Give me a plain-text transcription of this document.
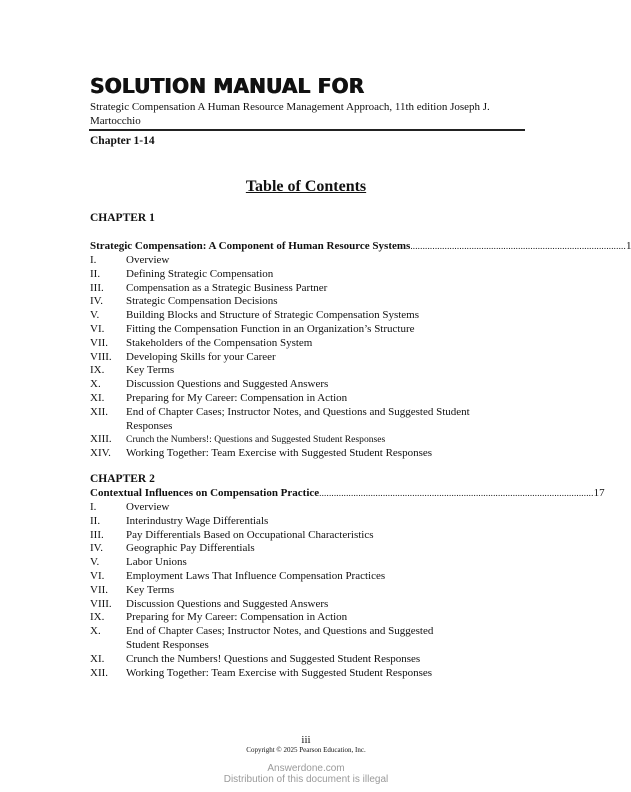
SOLUTION MANUAL FOR
Strategic Compensation A Human Resource Management Approach, 11th edition Joseph J. Martocchio
Chapter 1-14
Table of Contents
CHAPTER 1
Strategic Compensation: A Component of Human Resource Systems ........................................................................................ 1
I.	Overview
II.	Defining Strategic Compensation
III.	Compensation as a Strategic Business Partner
IV.	Strategic Compensation Decisions
V.	Building Blocks and Structure of Strategic Compensation Systems
VI.	Fitting the Compensation Function in an Organization’s Structure
VII.	Stakeholders of the Compensation System
VIII.	Developing Skills for your Career
IX.	Key Terms
X.	Discussion Questions and Suggested Answers
XI.	Preparing for My Career: Compensation in Action
XII.	End of Chapter Cases; Instructor Notes, and Questions and Suggested Student Responses
XIII.	Crunch the Numbers!: Questions and Suggested Student Responses
XIV.	Working Together: Team Exercise with Suggested Student Responses
CHAPTER 2
Contextual Influences on Compensation Practice ................................................................................................................ 17
I.	Overview
II.	Interindustry Wage Differentials
III.	Pay Differentials Based on Occupational Characteristics
IV.	Geographic Pay Differentials
V.	Labor Unions
VI.	Employment Laws That Influence Compensation Practices
VII.	Key Terms
VIII.	Discussion Questions and Suggested Answers
IX.	Preparing for My Career: Compensation in Action
X.	End of Chapter Cases; Instructor Notes, and Questions and Suggested Student Responses
XI.	Crunch the Numbers! Questions and Suggested Student Responses
XII.	Working Together: Team Exercise with Suggested Student Responses
iii
Copyright © 2025 Pearson Education, Inc.
Answerdone.com
Distribution of this document is illegal
